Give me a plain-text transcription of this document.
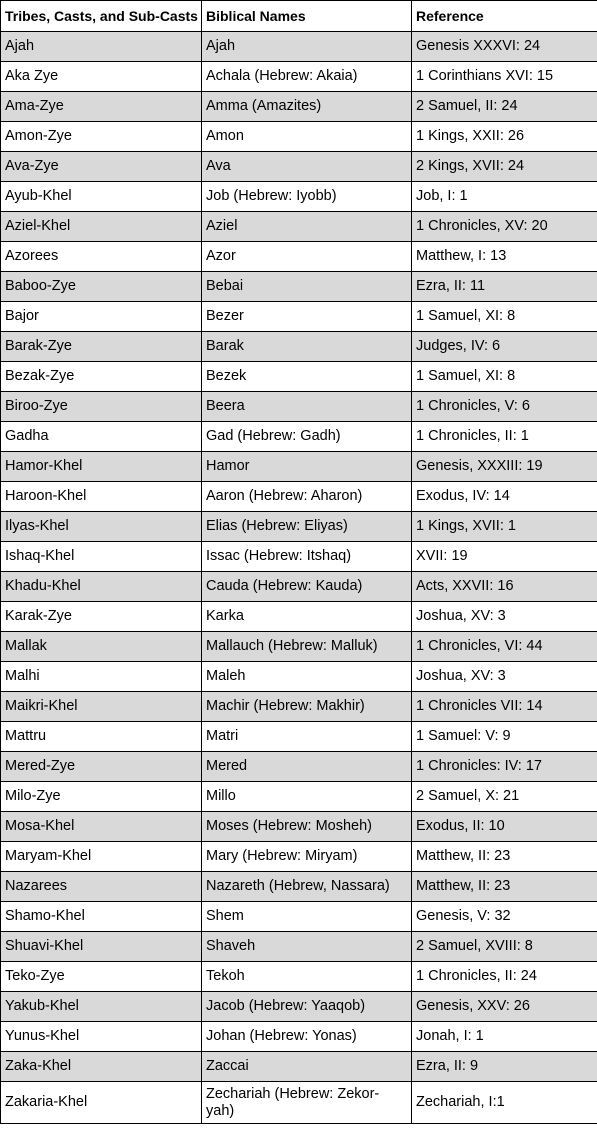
Tribes, Casts, and Sub-Casts	Biblical Names	Reference
Ajah	Ajah	Genesis XXXVI: 24
Aka Zye	Achala (Hebrew: Akaia)	1 Corinthians XVI: 15
Ama-Zye	Amma (Amazites)	2 Samuel, II: 24
Amon-Zye	Amon	1 Kings, XXII: 26
Ava-Zye	Ava	2 Kings, XVII: 24
Ayub-Khel	Job (Hebrew: Iyobb)	Job, I: 1
Aziel-Khel	Aziel	1 Chronicles, XV: 20
Azorees	Azor	Matthew, I: 13
Baboo-Zye	Bebai	Ezra, II: 11
Bajor	Bezer	1 Samuel, XI: 8
Barak-Zye	Barak	Judges, IV: 6
Bezak-Zye	Bezek	1 Samuel, XI: 8
Biroo-Zye	Beera	1 Chronicles, V: 6
Gadha	Gad (Hebrew: Gadh)	1 Chronicles, II: 1
Hamor-Khel	Hamor	Genesis, XXXIII: 19
Haroon-Khel	Aaron (Hebrew: Aharon)	Exodus, IV: 14
Ilyas-Khel	Elias (Hebrew: Eliyas)	1 Kings, XVII: 1
Ishaq-Khel	Issac (Hebrew: Itshaq)	XVII: 19
Khadu-Khel	Cauda (Hebrew: Kauda)	Acts, XXVII: 16
Karak-Zye	Karka	Joshua, XV: 3
Mallak	Mallauch (Hebrew: Malluk)	1 Chronicles, VI: 44
Malhi	Maleh	Joshua, XV: 3
Maikri-Khel	Machir (Hebrew: Makhir)	1 Chronicles VII: 14
Mattru	Matri	1 Samuel: V: 9
Mered-Zye	Mered	1 Chronicles: IV: 17
Milo-Zye	Millo	2 Samuel, X: 21
Mosa-Khel	Moses (Hebrew: Mosheh)	Exodus, II: 10
Maryam-Khel	Mary (Hebrew: Miryam)	Matthew, II: 23
Nazarees	Nazareth (Hebrew, Nassara)	Matthew, II: 23
Shamo-Khel	Shem	Genesis, V: 32
Shuavi-Khel	Shaveh	2 Samuel, XVIII: 8
Teko-Zye	Tekoh	1 Chronicles, II: 24
Yakub-Khel	Jacob (Hebrew: Yaaqob)	Genesis, XXV: 26
Yunus-Khel	Johan (Hebrew: Yonas)	Jonah, I: 1
Zaka-Khel	Zaccai	Ezra, II: 9
Zakaria-Khel	Zechariah (Hebrew: Zekor-yah)	Zechariah, I:1
